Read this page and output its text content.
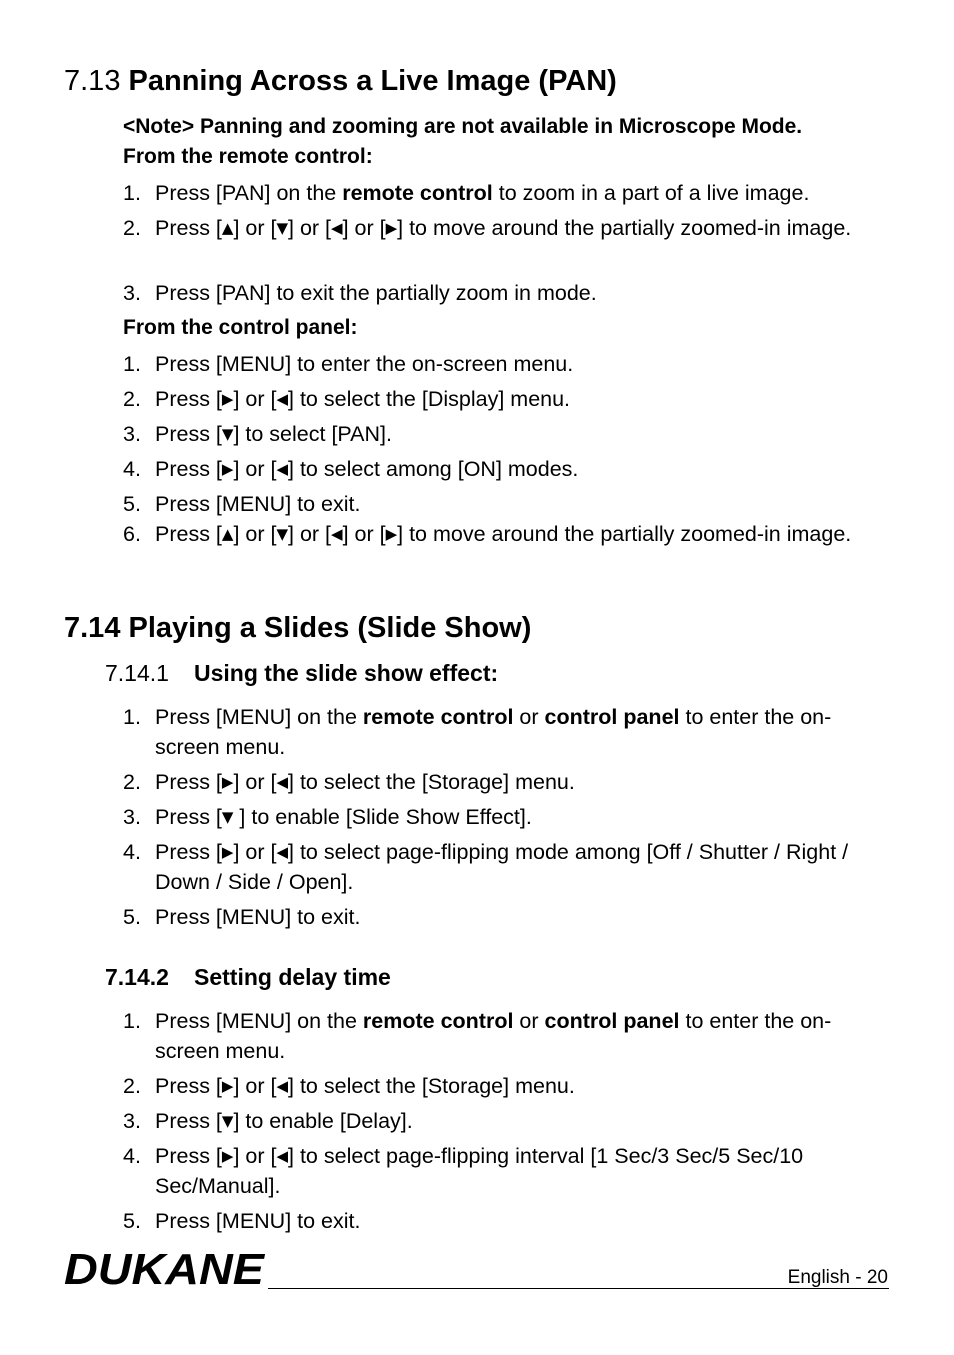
7.13 Panning Across a Live Image (PAN)
<Note> Panning and zooming are not available in Microscope Mode.
From the remote control:
1. Press [PAN] on the remote control to zoom in a part of a live image.
2. Press [▲] or [▼] or [◀] or [▶] to move around the partially zoomed-in image.
3. Press [PAN] to exit the partially zoom in mode.
From the control panel:
1. Press [MENU] to enter the on-screen menu.
2. Press [▶] or [◀] to select the [Display] menu.
3. Press [▼] to select [PAN].
4. Press [▶] or [◀] to select among [ON] modes.
5. Press [MENU] to exit.
6. Press [▲] or [▼] or [◀] or [▶] to move around the partially zoomed-in image.
7.14 Playing a Slides (Slide Show)
7.14.1 Using the slide show effect:
1. Press [MENU] on the remote control or control panel to enter the on-screen menu.
2. Press [▶] or [◀] to select the [Storage] menu.
3. Press [▼ ] to enable [Slide Show Effect].
4. Press [▶] or [◀] to select page-flipping mode among [Off / Shutter / Right / Down / Side / Open].
5. Press [MENU] to exit.
7.14.2 Setting delay time
1. Press [MENU] on the remote control or control panel to enter the on-screen menu.
2. Press [▶] or [◀] to select the [Storage] menu.
3. Press [▼] to enable [Delay].
4. Press [▶] or [◀] to select page-flipping interval [1 Sec/3 Sec/5 Sec/10 Sec/Manual].
5. Press [MENU] to exit.
DUKANE	English - 20
